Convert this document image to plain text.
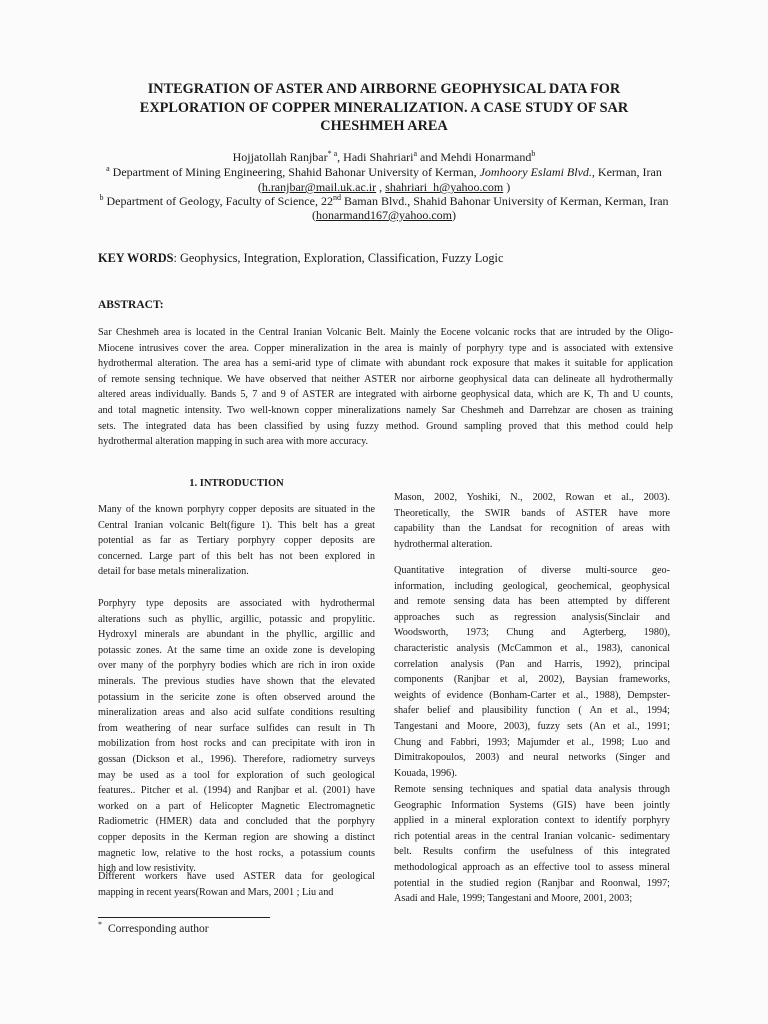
INTEGRATION OF ASTER AND AIRBORNE GEOPHYSICAL DATA FOR
EXPLORATION OF COPPER MINERALIZATION. A CASE STUDY OF SAR
CHESHMEH AREA

Hojjatollah Ranjbar$^{* a}$, Hadi Shahriari$^a$ and Mehdi Honarmand$^b$

$^a$ Department of Mining Engineering, Shahid Bahonar University of Kerman, Jomhoory Eslami Blvd., Kerman, Iran

(h.ranjbar@mail.uk.ac.ir , shahriari_h@yahoo.com )

$^b$ Department of Geology, Faculty of Science, 22nd Baman Blvd., Shahid Bahonar University of Kerman, Kerman, Iran

(honarmand167@yahoo.com)

KEY WORDS: Geophysics, Integration, Exploration, Classification, Fuzzy Logic

ABSTRACT:

Sar Cheshmeh area is located in the Central Iranian Volcanic Belt. Mainly the Eocene volcanic rocks that are intruded by the Oligo-
Miocene intrusives cover the area. Copper mineralization in the area is mainly of porphyry type and is associated with extensive
hydrothermal alteration. The area has a semi-arid type of climate with abundant rock exposure that makes it suitable for application
of remote sensing technique. We have observed that neither ASTER nor airborne geophysical data can delineate all hydrothermally
altered areas individually. Bands 5, 7 and 9 of ASTER are integrated with airborne geophysical data, which are K, Th and U counts,
and total magnetic intensity. Two well-known copper mineralizations namely Sar Cheshmeh and Darrehzar are chosen as training
sets. The integrated data has been classified by using fuzzy method. Ground sampling proved that this method could help
hydrothermal alteration mapping in such area with more accuracy.

1. INTRODUCTION

Many of the known porphyry copper deposits are situated in the
Central Iranian volcanic Belt(figure 1). This belt has a great
potential as far as Tertiary porphyry copper deposits are
concerned. Large part of this belt has not been explored in
detail for base metals mineralization.
Porphyry type deposits are associated with hydrothermal
alterations such as phyllic, argillic, potassic and propylitic.
Hydroxyl minerals are abundant in the phyllic, argillic and
potassic zones. At the same time an oxide zone is developing
over many of the porphyry bodies which are rich in iron oxide
minerals. The previous studies have shown that the elevated
potassium in the sericite zone is often observed around the
mineralization areas and also acid sulfate conditions resulting
from weathering of near surface sulfides can result in Th
mobilization from host rocks and can precipitate with iron in
gossan (Dickson et al., 1996). Therefore, radiometry surveys
may be used as a tool for exploration of such geological
features.. Pitcher et al. (1994) and Ranjbar et al. (2001) have
worked on a part of Helicopter Magnetic Electromagnetic
Radiometric (HMER) data and concluded that the porphyry
copper deposits in the Kerman region are showing a distinct
magnetic low, relative to the host rocks, a potassium counts
high and low resistivity.
Different workers have used ASTER data for geological
mapping in recent years(Rowan and Mars, 2001 ; Liu and
Mason, 2002, Yoshiki, N., 2002, Rowan et al., 2003).
Theoretically, the SWIR bands of ASTER have more
capability than the Landsat for recognition of areas with
hydrothermal alteration.
Quantitative integration of diverse multi-source geo-
information, including geological, geochemical, geophysical
and remote sensing data has been attempted by different
approaches such as regression analysis(Sinclair and
Woodsworth, 1973; Chung and Agterberg, 1980),
characteristic analysis (McCammon et al., 1983), canonical
correlation analysis (Pan and Harris, 1992), principal
components (Ranjbar et al, 2002), Baysian frameworks,
weights of evidence (Bonham-Carter et al., 1988), Dempster-
shafer belief and plausibility function ( An et al., 1994;
Tangestani and Moore, 2003), fuzzy sets (An et al., 1991;
Chung and Fabbri, 1993; Majumder et al., 1998; Luo and
Dimitrakopoulos, 2003) and neural networks (Singer and
Kouada, 1996).
Remote sensing techniques and spatial data analysis through
Geographic Information Systems (GIS) have been jointly
applied in a mineral exploration context to identify porphyry
rich potential areas in the central Iranian volcanic- sedimentary
belt. Results confirm the usefulness of this integrated
methodological approach as an effective tool to assess mineral
potential in the studied region (Ranjbar and Roonwal, 1997;
Asadi and Hale, 1999; Tangestani and Moore, 2001, 2003;

* Corresponding author
